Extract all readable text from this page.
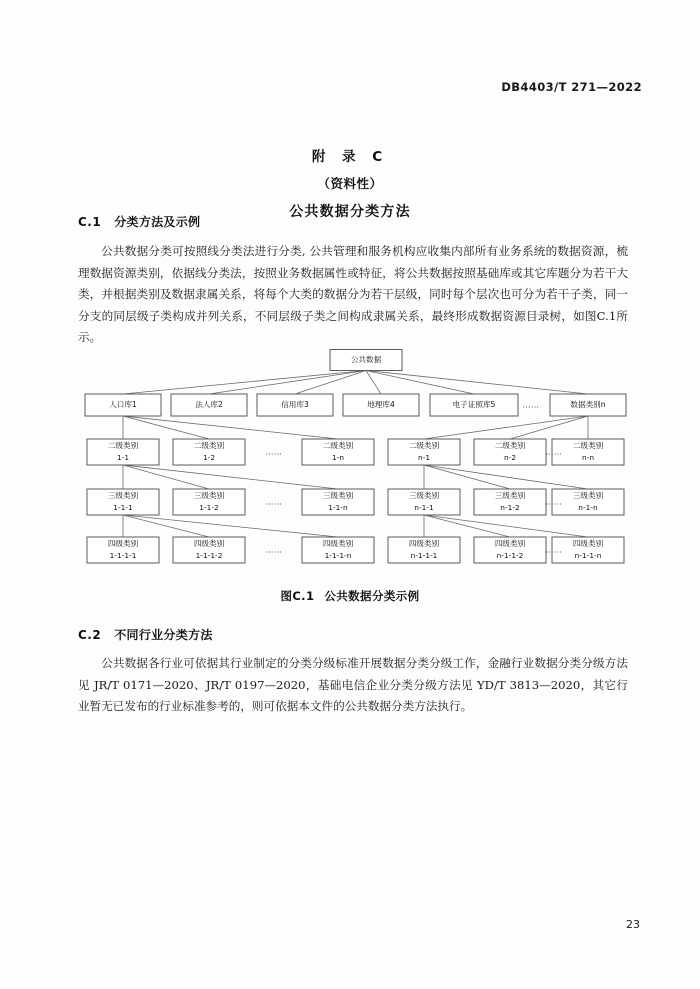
DB4403/T 271—2022
附 录 C
（资料性）
公共数据分类方法
C.1 分类方法及示例
公共数据分类可按照线分类法进行分类, 公共管理和服务机构应收集内部所有业务系统的数据资源，梳理数据资源类别，依据线分类法，按照业务数据属性或特征，将公共数据按照基础库或其它库题分为若干大类，并根据类别及数据隶属关系，将每个大类的数据分为若干层级，同时每个层次也可分为若干子类，同一分支的同层级子类构成并列关系，不同层级子类之间构成隶属关系，最终形成数据资源目录树，如图C.1所示。
公共数据
人口库1	法人库2	信用库3	地理库4	电子证照库5	数据类别n
……
二级类别
1-1
二级类别
1-2
二级类别
1-n
二级类别
n-1
二级类别
n-2
二级类别
n-n
……	……
三级类别
1-1-1
三级类别
1-1-2
三级类别
1-1-n
三级类别
n-1-1
三级类别
n-1-2
三级类别
n-1-n
……	……
四级类别
1-1-1-1
四级类别
1-1-1-2
四级类别
1-1-1-n
四级类别
n-1-1-1
四级类别
n-1-1-2
四级类别
n-1-1-n
……	……
图C.1 公共数据分类示例
C.2 不同行业分类方法
公共数据各行业可依据其行业制定的分类分级标准开展数据分类分级工作，金融行业数据分类分级方法见 JR/T 0171—2020、JR/T 0197—2020，基础电信企业分类分级方法见 YD/T 3813—2020，其它行业暂无已发布的行业标准参考的，则可依据本文件的公共数据分类方法执行。
23
